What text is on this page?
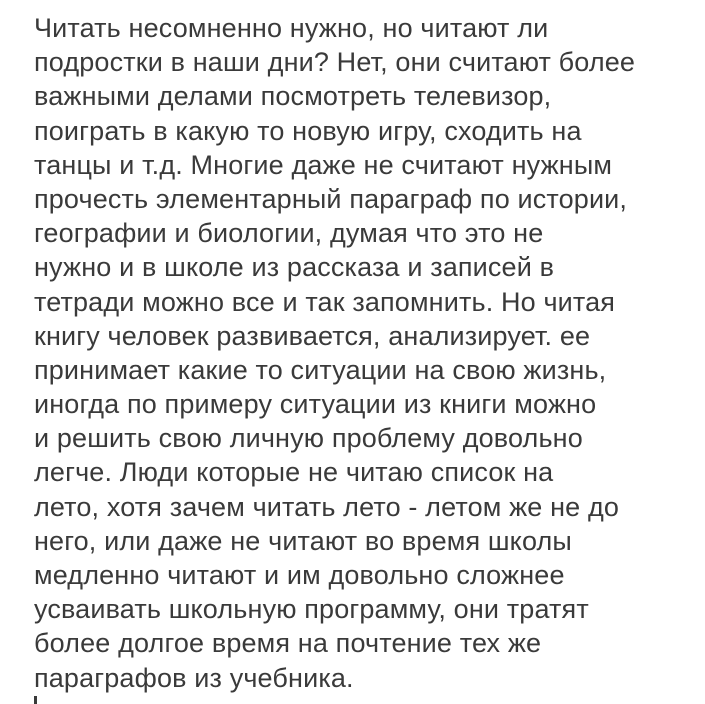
Читать несомненно нужно, но читают ли
подростки в наши дни? Нет, они считают более
важными делами посмотреть телевизор,
поиграть в какую то новую игру, сходить на
танцы и т.д. Многие даже не считают нужным
прочесть элементарный параграф по истории,
географии и биологии, думая что это не
нужно и в школе из рассказа и записей в
тетради можно все и так запомнить. Но читая
книгу человек развивается, анализирует. ее
принимает какие то ситуации на свою жизнь,
иногда по примеру ситуации из книги можно
и решить свою личную проблему довольно
легче. Люди которые не читаю список на
лето, хотя зачем читать лето - летом же не до
него, или даже не читают во время школы
медленно читают и им довольно сложнее
усваивать школьную программу, они тратят
более долгое время на почтение тех же
параграфов из учебника.
